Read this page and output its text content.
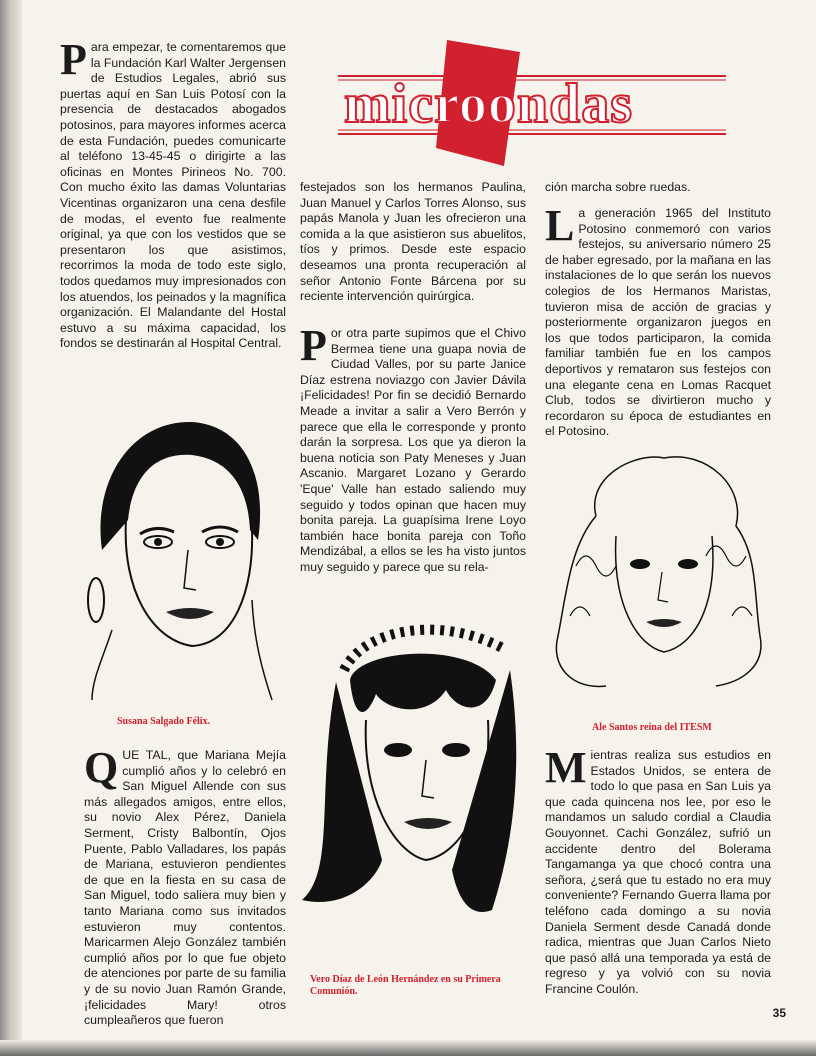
microondas

Para empezar, te comentaremos que la Fundación Karl Walter Jergensen de Estudios Legales, abrió sus puertas aquí en San Luis Potosí con la presencia de destacados abogados potosinos, para mayores informes acerca de esta Fundación, puedes comunicarte al teléfono 13-45-45 o dirigirte a las oficinas en Montes Pirineos No. 700. Con mucho éxito las damas Voluntarias Vicentinas organizaron una cena desfile de modas, el evento fue realmente original, ya que con los vestidos que se presentaron los que asistimos, recorrimos la moda de todo este siglo, todos quedamos muy impresionados con los atuendos, los peinados y la magnífica organización. El Malandante del Hostal estuvo a su máxima capacidad, los fondos se destinarán al Hospital Central.

festejados son los hermanos Paulina, Juan Manuel y Carlos Torres Alonso, sus papás Manola y Juan les ofrecieron una comida a la que asistieron sus abuelitos, tíos y primos. Desde este espacio deseamos una pronta recuperación al señor Antonio Fonte Bárcena por su reciente intervención quirúrgica.

Por otra parte supimos que el Chivo Bermea tiene una guapa novia de Ciudad Valles, por su parte Janice Díaz estrena noviazgo con Javier Dávila ¡Felicidades! Por fin se decidió Bernardo Meade a invitar a salir a Vero Berrón y parece que ella le corresponde y pronto darán la sorpresa. Los que ya dieron la buena noticia son Paty Meneses y Juan Ascanio. Margaret Lozano y Gerardo 'Eque' Valle han estado saliendo muy seguido y todos opinan que hacen muy bonita pareja. La guapísima Irene Loyo también hace bonita pareja con Toño Mendizábal, a ellos se les ha visto juntos muy seguido y parece que su rela-

ción marcha sobre ruedas.

La generación 1965 del Instituto Potosino conmemoró con varios festejos, su aniversario número 25 de haber egresado, por la mañana en las instalaciones de lo que serán los nuevos colegios de los Hermanos Maristas, tuvieron misa de acción de gracias y posteriormente organizaron juegos en los que todos participaron, la comida familiar también fue en los campos deportivos y remataron sus festejos con una elegante cena en Lomas Racquet Club, todos se divirtieron mucho y recordaron su época de estudiantes en el Potosino.

Susana Salgado Félix.
Ale Santos reina del ITESM
Vero Díaz de León Hernández en su Primera Comunión.

QUE TAL, que Mariana Mejía cumplió años y lo celebró en San Miguel Allende con sus más allegados amigos, entre ellos, su novio Alex Pérez, Daniela Serment, Cristy Balbontín, Ojos Puente, Pablo Valladares, los papás de Mariana, estuvieron pendientes de que en la fiesta en su casa de San Miguel, todo saliera muy bien y tanto Mariana como sus invitados estuvieron muy contentos. Maricarmen Alejo González también cumplió años por lo que fue objeto de atenciones por parte de su familia y de su novio Juan Ramón Grande, ¡felicidades Mary! otros cumpleañeros que fueron

Mientras realiza sus estudios en Estados Unidos, se entera de todo lo que pasa en San Luis ya que cada quincena nos lee, por eso le mandamos un saludo cordial a Claudia Gouyonnet. Cachi González, sufrió un accidente dentro del Bolerama Tangamanga ya que chocó contra una señora, ¿será que tu estado no era muy conveniente? Fernando Guerra llama por teléfono cada domingo a su novia Daniela Serment desde Canadá donde radica, mientras que Juan Carlos Nieto que pasó allá una temporada ya está de regreso y ya volvió con su novia Francine Coulón.

35
